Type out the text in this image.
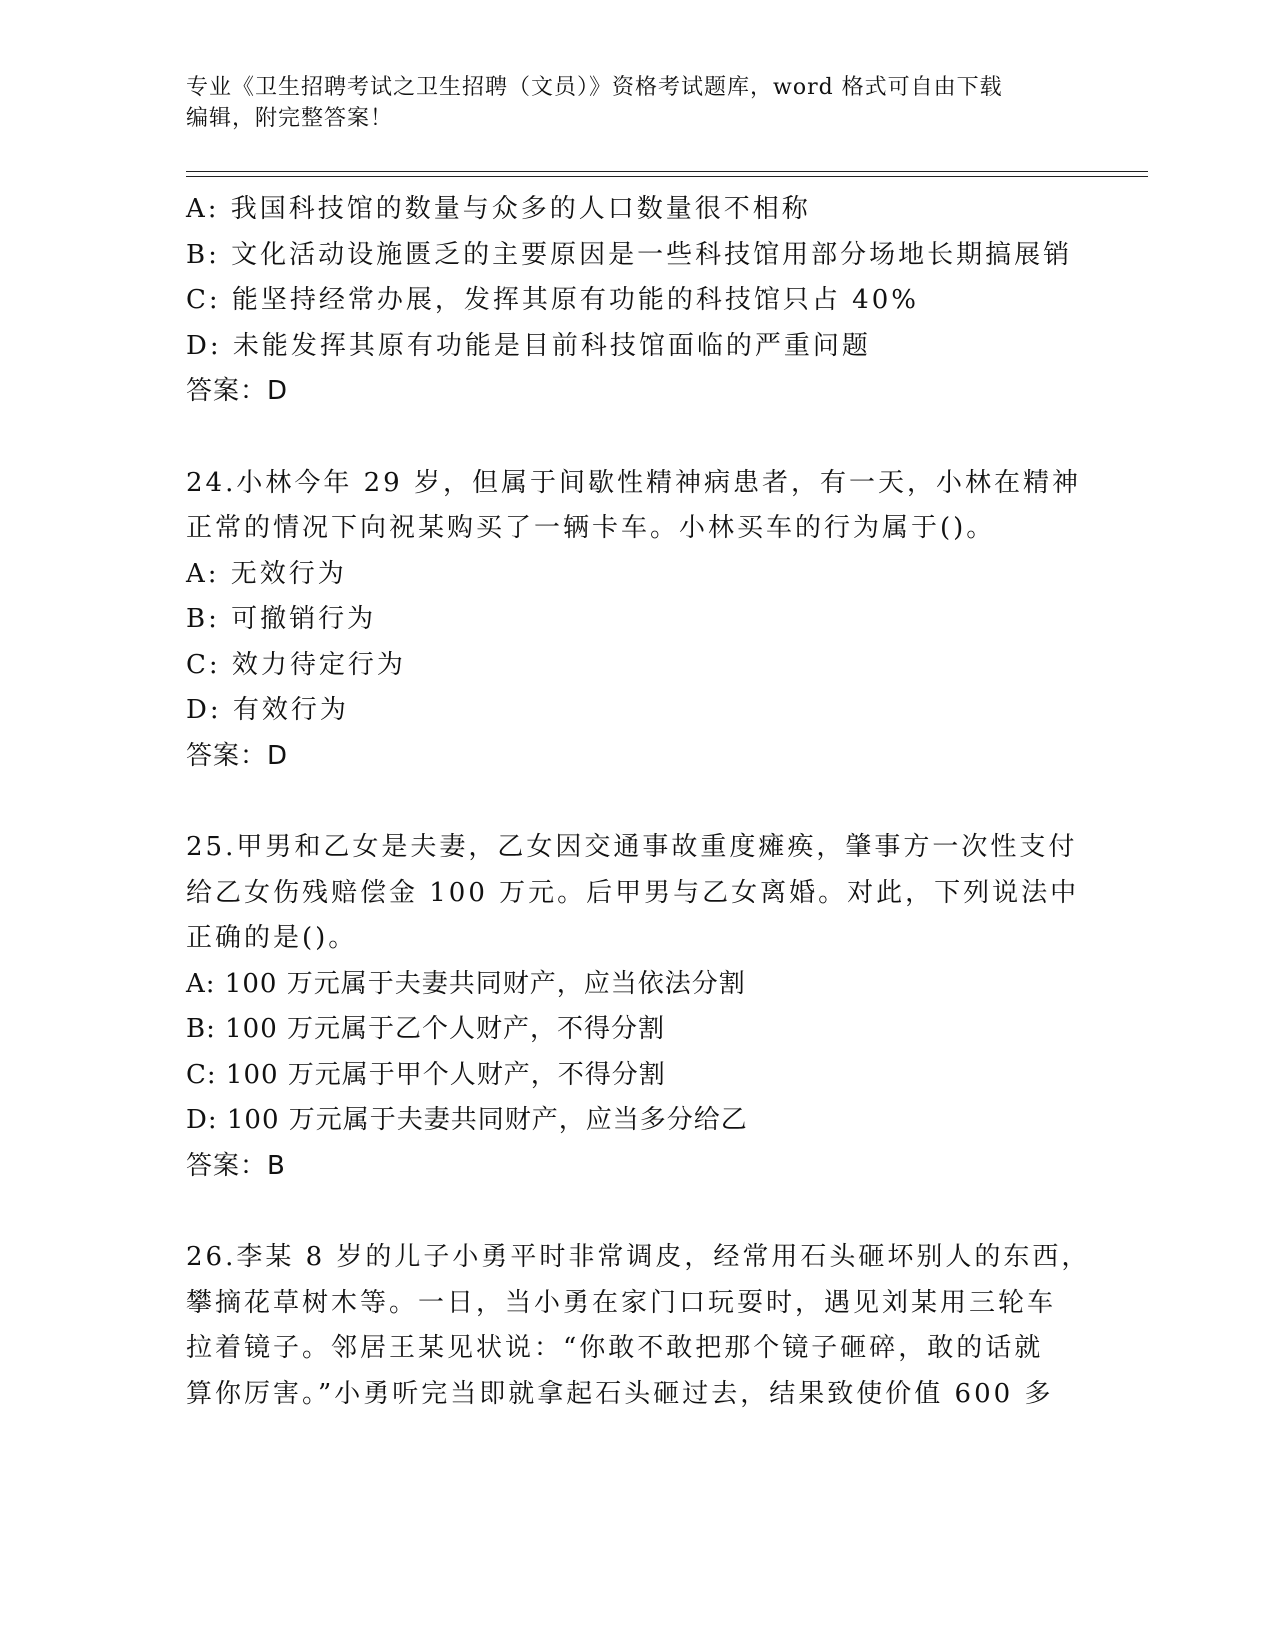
专业《卫生招聘考试之卫生招聘（文员）》资格考试题库，word 格式可自由下载
编辑，附完整答案！
A: 我国科技馆的数量与众多的人口数量很不相称
B: 文化活动设施匮乏的主要原因是一些科技馆用部分场地长期搞展销
C: 能坚持经常办展，发挥其原有功能的科技馆只占 40%
D: 未能发挥其原有功能是目前科技馆面临的严重问题
答案：D
24.小林今年 29 岁，但属于间歇性精神病患者，有一天，小林在精神
正常的情况下向祝某购买了一辆卡车。小林买车的行为属于()。
A: 无效行为
B: 可撤销行为
C: 效力待定行为
D: 有效行为
答案：D
25.甲男和乙女是夫妻，乙女因交通事故重度瘫痪，肇事方一次性支付
给乙女伤残赔偿金 100 万元。后甲男与乙女离婚。对此，下列说法中
正确的是()。
A: 100 万元属于夫妻共同财产，应当依法分割
B: 100 万元属于乙个人财产，不得分割
C: 100 万元属于甲个人财产，不得分割
D: 100 万元属于夫妻共同财产，应当多分给乙
答案：B
26.李某 8 岁的儿子小勇平时非常调皮，经常用石头砸坏别人的东西，
攀摘花草树木等。一日，当小勇在家门口玩耍时，遇见刘某用三轮车
拉着镜子。邻居王某见状说：“你敢不敢把那个镜子砸碎，敢的话就
算你厉害。”小勇听完当即就拿起石头砸过去，结果致使价值 600 多
